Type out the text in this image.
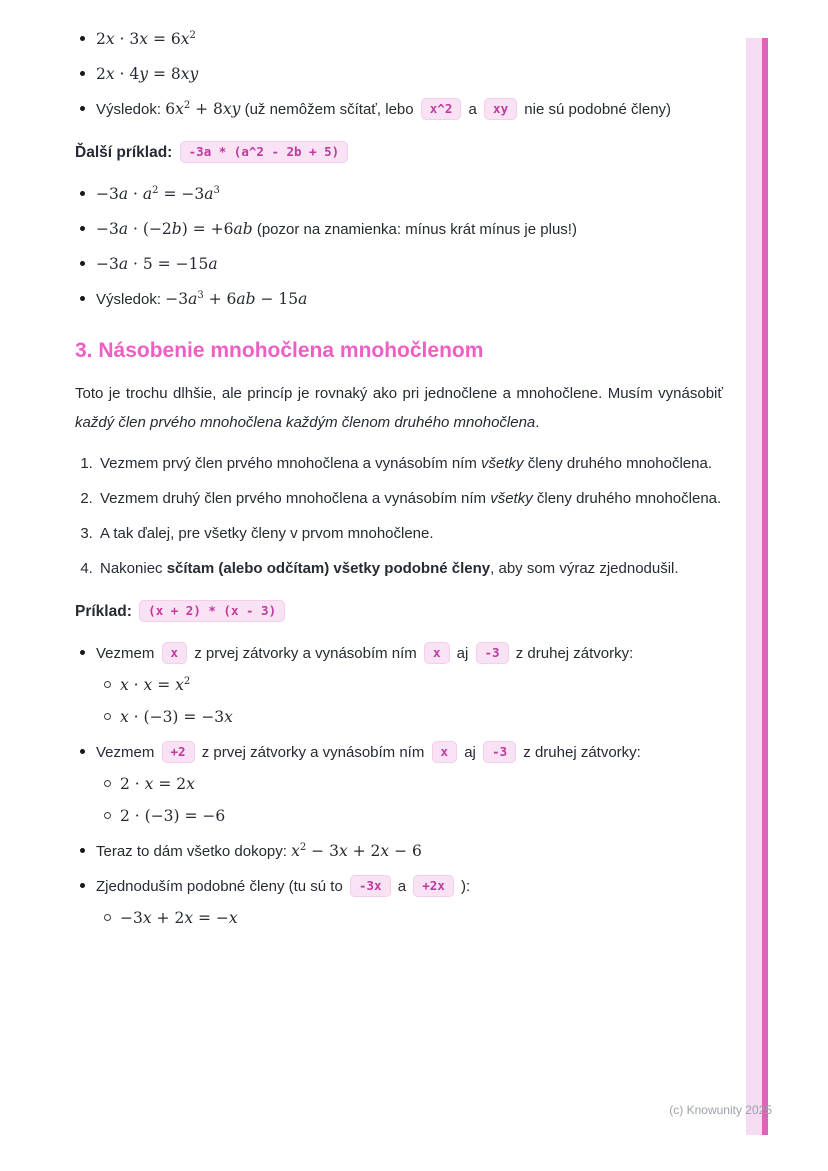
$2x \cdot 3x = 6x^2$
2x · 4y = 8xy
Výsledok: $6x^2 + 8xy$ (už nemôžem sčítať, lebo x^2 a xy nie sú podobné členy)

Ďalší príklad: -3a * (a^2 - 2b + 5)

$-3a \cdot a^2 = -3a^3$
−3a · (−2b) = +6ab (pozor na znamienka: mínus krát mínus je plus!)
−3a · 5 = −15a
Výsledok: $-3a^3 + 6ab - 15a$
3. Násobenie mnohočlena mnohočlenom

Toto je trochu dlhšie, ale princíp je rovnaký ako pri jednočlene a mnohočlene. Musím vynásobiť každý člen prvého mnohočlena každým členom druhého mnohočlena.

1. Vezmem prvý člen prvého mnohočlena a vynásobím ním všetky členy druhého mnohočlena.
2. Vezmem druhý člen prvého mnohočlena a vynásobím ním všetky členy druhého mnohočlena.
3. A tak ďalej, pre všetky členy v prvom mnohočlene.
4. Nakoniec sčítam (alebo odčítam) všetky podobné členy, aby som výraz zjednodušil.

Príklad: (x + 2) * (x - 3)

Vezmem x z prvej zátvorky a vynásobím ním x aj -3 z druhej zátvorky:
$x \cdot x = x^2$
x · (−3) = −3x
Vezmem +2 z prvej zátvorky a vynásobím ním x aj -3 z druhej zátvorky:
2 · x = 2x
2 · (−3) = −6
Teraz to dám všetko dokopy: $x^2 - 3x + 2x - 6$
Zjednoduším podobné členy (tu sú to -3x a +2x ):
−3x + 2x = −x
(c) Knowunity 2025
